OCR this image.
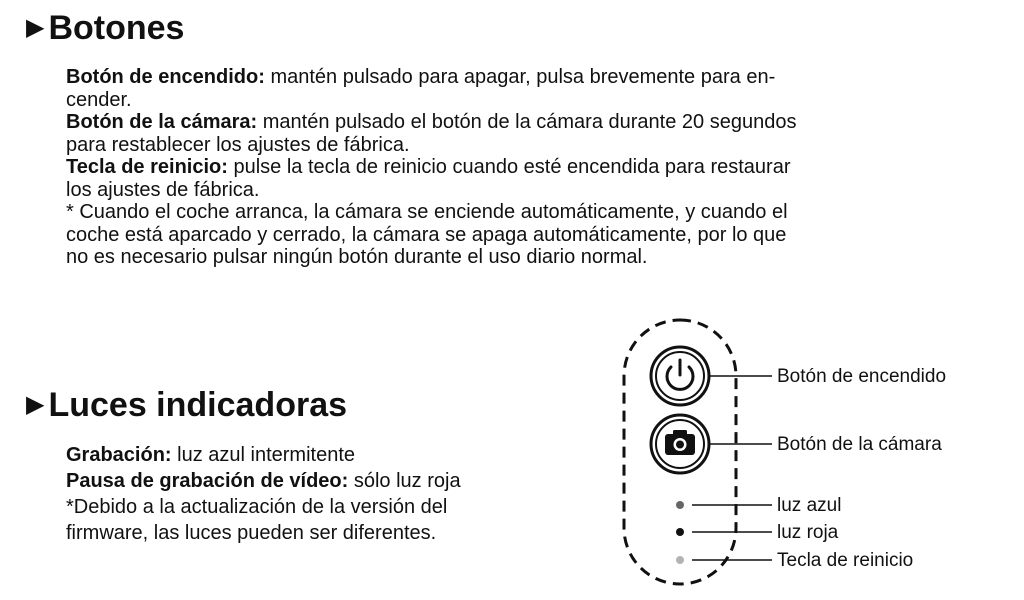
▶ Botones

Botón de encendido: mantén pulsado para apagar, pulsa brevemente para en-

cender.

Botón de la cámara: mantén pulsado el botón de la cámara durante 20 segundos

para restablecer los ajustes de fábrica.

Tecla de reinicio: pulse la tecla de reinicio cuando esté encendida para restaurar

los ajustes de fábrica.

* Cuando el coche arranca, la cámara se enciende automáticamente, y cuando el

coche está aparcado y cerrado, la cámara se apaga automáticamente, por lo que

no es necesario pulsar ningún botón durante el uso diario normal.

▶ Luces indicadoras

Grabación: luz azul intermitente

Pausa de grabación de vídeo: sólo luz roja

*Debido a la actualización de la versión del

firmware, las luces pueden ser diferentes.

Botón de encendido
Botón de la cámara
luz azul
luz roja
Tecla de reinicio
